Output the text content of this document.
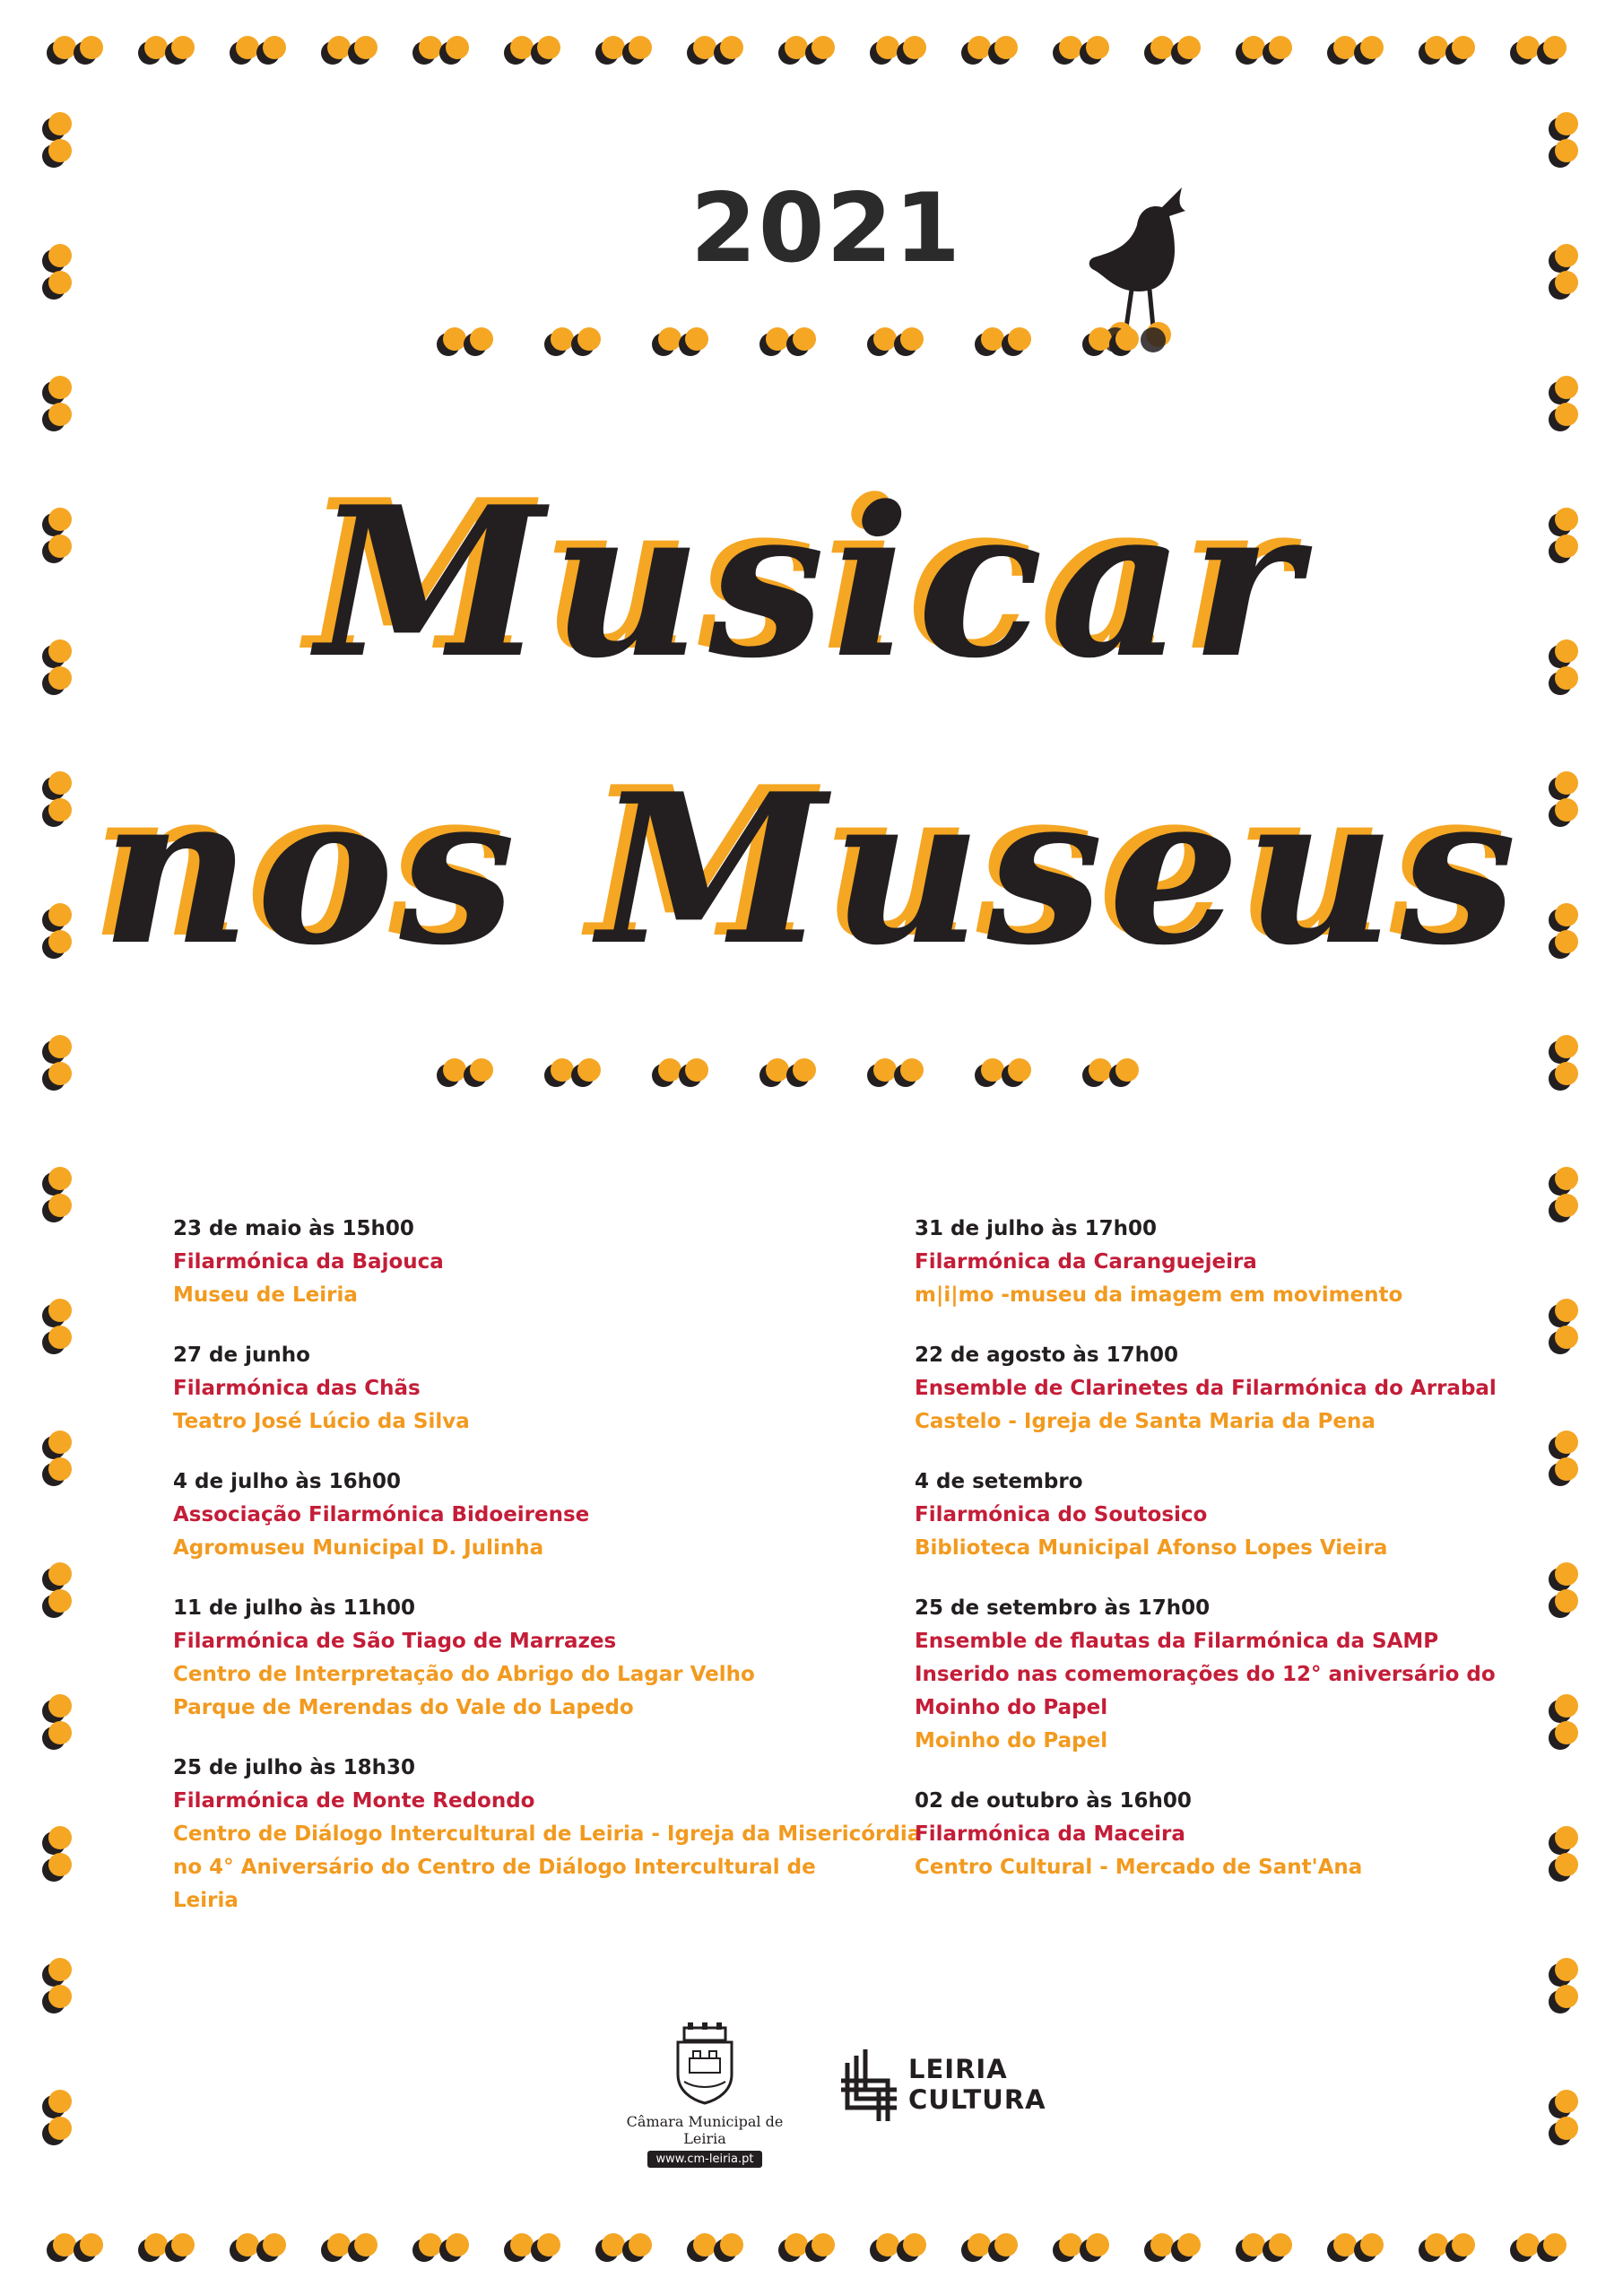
2021
Musicar
nos Museus
23 de maio às 15h00
Filarmónica da Bajouca
Museu de Leiria
27 de junho
Filarmónica das Chãs
Teatro José Lúcio da Silva
4 de julho às 16h00
Associação Filarmónica Bidoeirense
Agromuseu Municipal D. Julinha
11 de julho às 11h00
Filarmónica de São Tiago de Marrazes
Centro de Interpretação do Abrigo do Lagar Velho
Parque de Merendas do Vale do Lapedo
25 de julho às 18h30
Filarmónica de Monte Redondo
Centro de Diálogo Intercultural de Leiria - Igreja da Misericórdia
no 4° Aniversário do Centro de Diálogo Intercultural de
Leiria
31 de julho às 17h00
Filarmónica da Caranguejeira
m|i|mo -museu da imagem em movimento
22 de agosto às 17h00
Ensemble de Clarinetes da Filarmónica do Arrabal
Castelo - Igreja de Santa Maria da Pena
4 de setembro
Filarmónica do Soutosico
Biblioteca Municipal Afonso Lopes Vieira
25 de setembro às 17h00
Ensemble de flautas da Filarmónica da SAMP
Inserido nas comemorações do 12° aniversário do
Moinho do Papel
Moinho do Papel
02 de outubro às 16h00
Filarmónica da Maceira
Centro Cultural - Mercado de Sant'Ana
Câmara Municipal de Leiria
www.cm-leiria.pt
LEIRIA
CULTURA
